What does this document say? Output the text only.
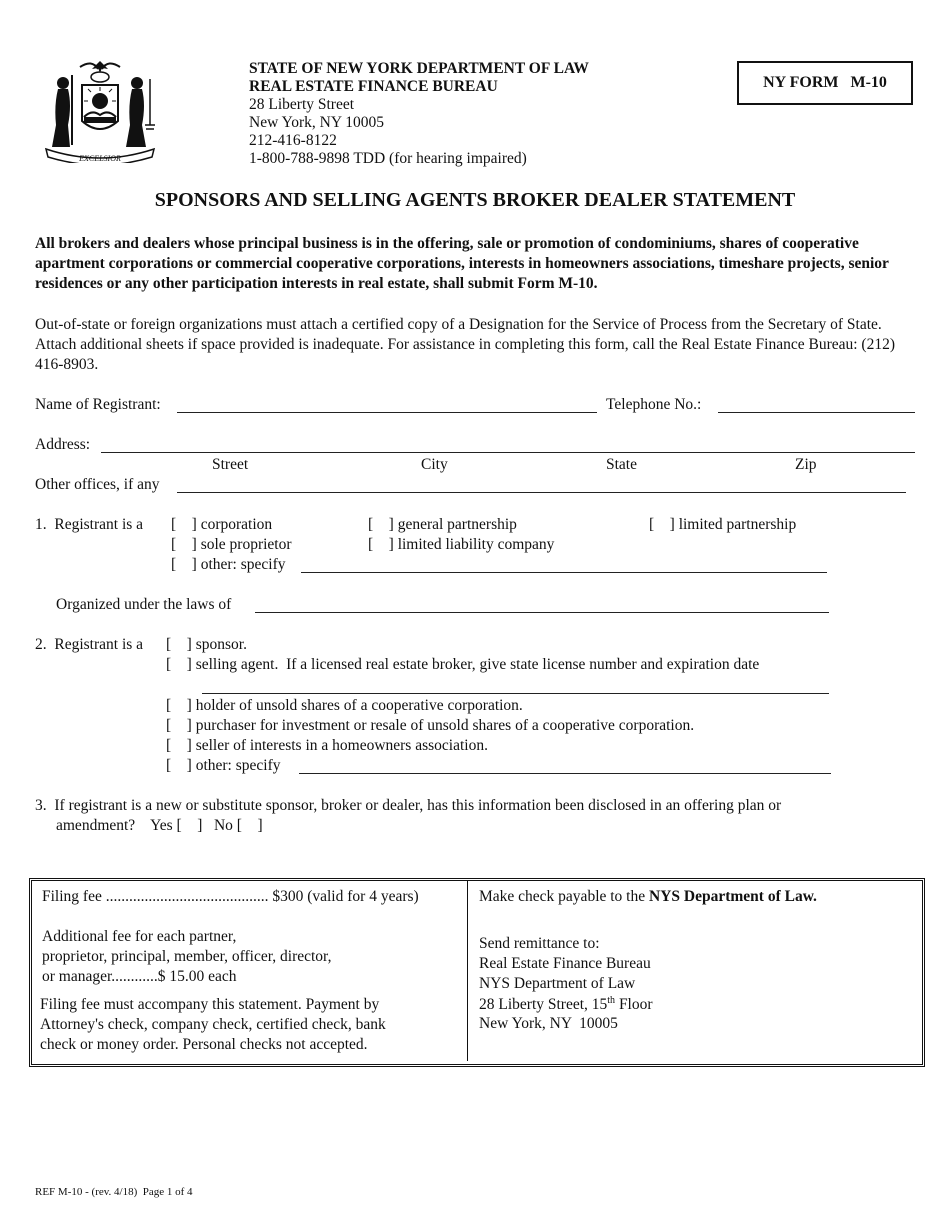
EXCELSIOR
STATE OF NEW YORK DEPARTMENT OF LAW
REAL ESTATE FINANCE BUREAU
28 Liberty Street
New York, NY 10005
212-416-8122
1-800-788-9898 TDD (for hearing impaired)
NY FORM   M-10
SPONSORS AND SELLING AGENTS BROKER DEALER STATEMENT
All brokers and dealers whose principal business is in the offering, sale or promotion of condominiums, shares of cooperative apartment corporations or commercial cooperative corporations, interests in homeowners associations, timeshare projects, senior residences or any other participation interests in real estate, shall submit Form M-10.
Out-of-state or foreign organizations must attach a certified copy of a Designation for the Service of Process from the Secretary of State. Attach additional sheets if space provided is inadequate. For assistance in completing this form, call the Real Estate Finance Bureau: (212) 416-8903.
Name of Registrant:	Telephone No.:
Address:
Street	City	State	Zip
Other offices, if any
1.  Registrant is a [    ] corporation	[    ] general partnership	[    ] limited partnership
[    ] sole proprietor	[    ] limited liability company
[    ] other: specify
Organized under the laws of
2.  Registrant is a [    ] sponsor.
[    ] selling agent.  If a licensed real estate broker, give state license number and expiration date
[    ] holder of unsold shares of a cooperative corporation.
[    ] purchaser for investment or resale of unsold shares of a cooperative corporation.
[    ] seller of interests in a homeowners association.
[    ] other: specify
3.  If registrant is a new or substitute sponsor, broker or dealer, has this information been disclosed in an offering plan or
amendment?    Yes [    ]   No [    ]
Filing fee .......................................... $300 (valid for 4 years)
Additional fee for each partner,
proprietor, principal, member, officer, director,
or manager............$ 15.00 each
Filing fee must accompany this statement. Payment by
Attorney's check, company check, certified check, bank
check or money order. Personal checks not accepted.
Make check payable to the NYS Department of Law.
Send remittance to:
Real Estate Finance Bureau
NYS Department of Law
28 Liberty Street, 15th Floor
New York, NY  10005
REF M-10 - (rev. 4/18)  Page 1 of 4
